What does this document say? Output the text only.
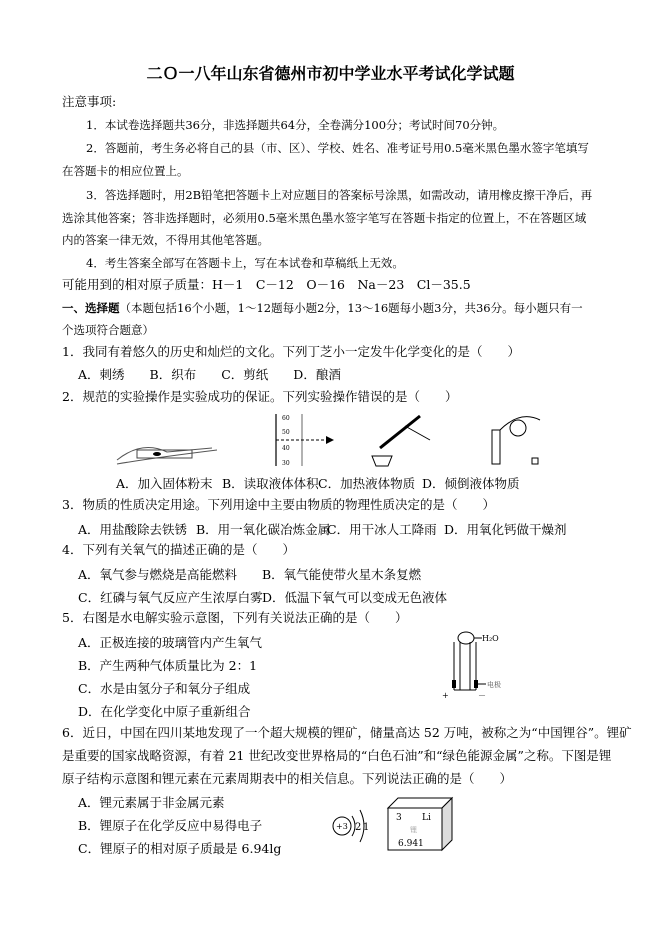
二Ｏ一八年山东省德州市初中学业水平考试化学试题
注意事项:
1．本试卷选择题共36分，非选择题共64分，全卷满分100分；考试时间70分钟。
2．答题前，考生务必将自己的县（市、区）、学校、姓名、准考证号用0.5毫米黑色墨水签字笔填写
在答题卡的相应位置上。
3．答选择题时，用2B铅笔把答题卡上对应题目的答案标号涂黑，如需改动，请用橡皮擦干净后，再
选涂其他答案；答非选择题时，必须用0.5毫米黑色墨水签字笔写在答题卡指定的位置上，不在答题区域
内的答案一律无效，不得用其他笔答题。
4．考生答案全部写在答题卡上，写在本试卷和草稿纸上无效。
可能用到的相对原子质量：H－1　C－12　O－16　Na－23　Cl－35.5
一、选择题（本题包括16个小题，1～12题每小题2分，13～16题每小题3分，共36分。每小题只有一
个选项符合题意）
1．我同有着悠久的历史和灿烂的文化。下列丁芝小一定发牛化学变化的是（　　）
A．刺绣   B．织布   C．剪纸   D．酿酒
2．规范的实验操作是实验成功的保证。下列实验操作错误的是（　　）
60
50
40
30
A．加入固体粉末 B．读取液体体积 C．加热液体物质 D．倾倒液体物质
3．物质的性质决定用途。下列用途中主要由物质的物理性质决定的是（　　）
A．用盐酸除去铁锈 B．用一氧化碳冶炼金属
C．用干冰人工降雨 D．用氧化钙做干燥剂
4．下列有关氧气的描述正确的是（　　）
A．氧气参与燃烧是高能燃料 B．氧气能使带火星木条复燃
C．红磷与氧气反应产生浓厚白雾 D．低温下氧气可以变成无色液体
5．右图是水电解实验示意图，下列有关说法正确的是（　　）
A．正极连接的玻璃管内产生氧气
B．产生两种气体质量比为 2：1
C．水是由氢分子和氧分子组成
D．在化学变化中原子重新组合
H₂O
电极
+	－
6．近日，中国在四川某地发现了一个超大规模的锂矿，储量高达 52 万吨，被称之为“中国锂谷”。锂矿
是重要的国家战略资源，有着 21 世纪改变世界格局的“白色石油”和“绿色能源金属”之称。下图是锂
原子结构示意图和锂元素在元素周期表中的相关信息。下列说法正确的是（　　）
A．锂元素属于非金属元素
B．锂原子在化学反应中易得电子
C．锂原子的相对原子质最是 6.94lg
+3 2 1
3 Li
锂
6.941
